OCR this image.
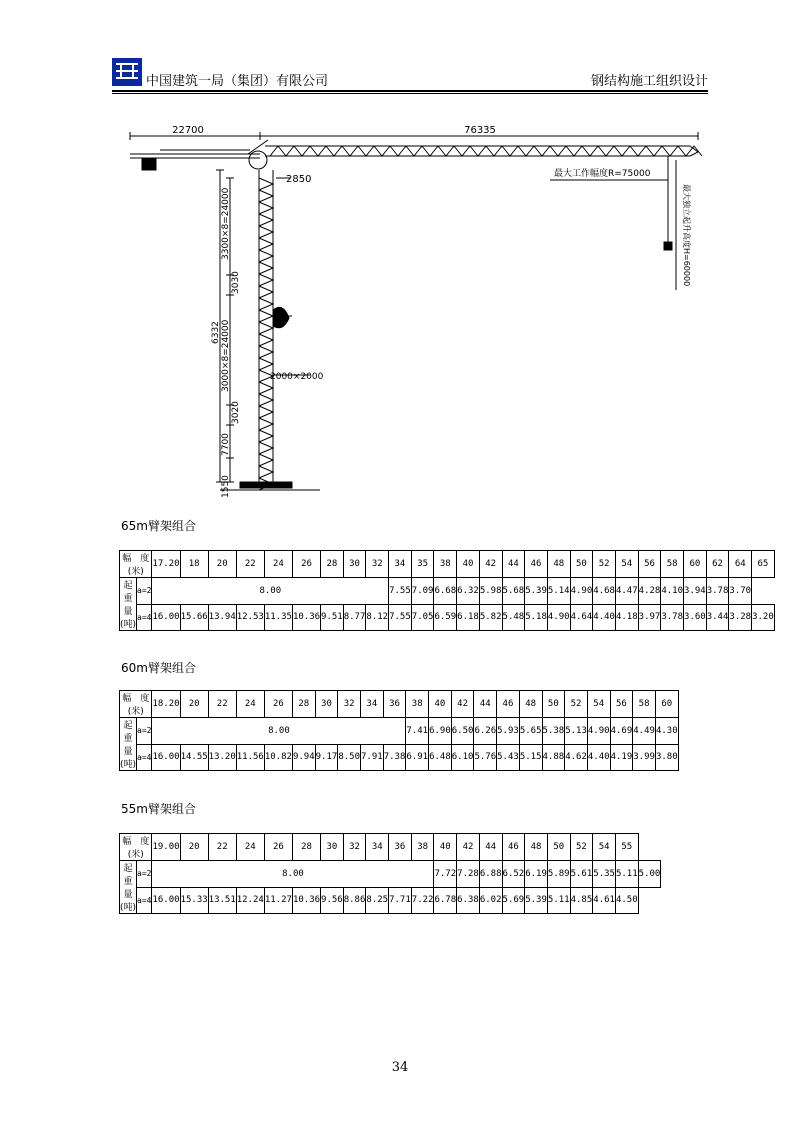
中国建筑一局（集团）有限公司	钢结构施工组织设计
22700	76335
2850	最大工作幅度R=75000
最大独立起升高度H=60000
3300×8=24000
3030
6332 3000×8=24000	2000×2000
3020
7700
1550
65m臂架组合
幅　度(米)		17.20	18	20	22	24	26	28	30	32	34	35	38	40	42	44	46	48	50	52	54	56	58	60	62	64	65
起重量(吨)	a=2	8.00									7.55	7.09	6.68	6.32	5.98	5.68	5.39	5.14	4.90	4.68	4.47	4.28	4.10	3.94	3.78	3.70	
	a=4	16.00	15.66	13.94	12.53	11.35	10.36	9.51	8.77	8.12	7.55	7.05	6.59	6.18	5.82	5.48	5.18	4.90	4.64	4.40	4.18	3.97	3.78	3.60	3.44	3.28	3.20
60m臂架组合
幅　度(米)		18.20	20	22	24	26	28	30	32	34	36	38	40	42	44	46	48	50	52	54	56	58	60
起重量(吨)	a=2	8.00										7.41	6.90	6.50	6.26	5.93	5.65	5.38	5.13	4.90	4.69	4.49	4.30
	a=4	16.00	14.55	13.20	11.56	10.82	9.94	9.17	8.50	7.91	7.38	6.91	6.48	6.10	5.76	5.43	5.15	4.88	4.62	4.40	4.19	3.99	3.80
55m臂架组合
幅　度(米)		19.00	20	22	24	26	28	30	32	34	36	38	40	42	44	46	48	50	52	54	55	
起重量(吨)	a=2	8.00											7.72	7.28	6.88	6.52	6.19	5.89	5.61	5.35	5.11	5.00
	a=4	16.00	15.33	13.51	12.24	11.27	10.36	9.56	8.86	8.25	7.71	7.22	6.78	6.38	6.02	5.69	5.39	5.11	4.85	4.61	4.50	
34
